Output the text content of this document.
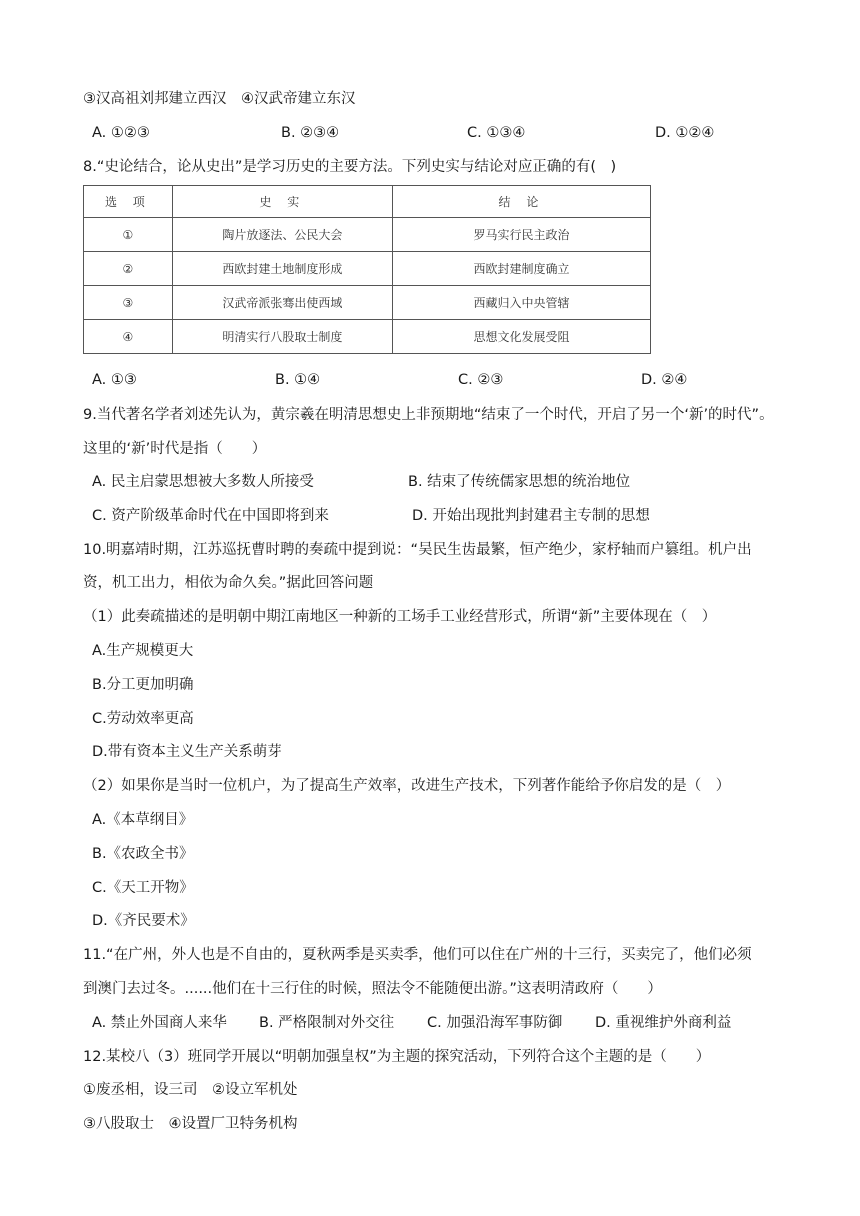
③汉高祖刘邦建立西汉　④汉武帝建立东汉
A. ①②③	B. ②③④	C. ①③④	D. ①②④
8.“史论结合，论从史出”是学习历史的主要方法。下列史实与结论对应正确的有(　)
选 项	史 实	结 论
①	陶片放逐法、公民大会	罗马实行民主政治
②	西欧封建土地制度形成	西欧封建制度确立
③	汉武帝派张骞出使西域	西藏归入中央管辖
④	明清实行八股取士制度	思想文化发展受阻
A. ①③	B. ①④	C. ②③	D. ②④
9.当代著名学者刘述先认为，黄宗羲在明清思想史上非预期地“结束了一个时代，开启了另一个‘新’的时代”。
这里的‘新’时代是指（　　）
A. 民主启蒙思想被大多数人所接受	B. 结束了传统儒家思想的统治地位
C. 资产阶级革命时代在中国即将到来	D. 开始出现批判封建君主专制的思想
10.明嘉靖时期，江苏巡抚曹时聘的奏疏中提到说：“吴民生齿最繁，恒产绝少，家杼轴而户篡组。机户出
资，机工出力，相依为命久矣。”据此回答问题
（1）此奏疏描述的是明朝中期江南地区一种新的工场手工业经营形式，所谓“新”主要体现在（　）
A.生产规模更大
B.分工更加明确
C.劳动效率更高
D.带有资本主义生产关系萌芽
（2）如果你是当时一位机户，为了提高生产效率，改进生产技术，下列著作能给予你启发的是（　）
A.《本草纲目》
B.《农政全书》
C.《天工开物》
D.《齐民要术》
11.“在广州，外人也是不自由的，夏秋两季是买卖季，他们可以住在广州的十三行，买卖完了，他们必须
到澳门去过冬。......他们在十三行住的时候，照法令不能随便出游。”这表明清政府（　　）
A. 禁止外国商人来华 B. 严格限制对外交往 C. 加强沿海军事防御 D. 重视维护外商利益
12.某校八（3）班同学开展以“明朝加强皇权”为主题的探究活动，下列符合这个主题的是（　　）
①废丞相，设三司　②设立军机处
③八股取士　④设置厂卫特务机构
